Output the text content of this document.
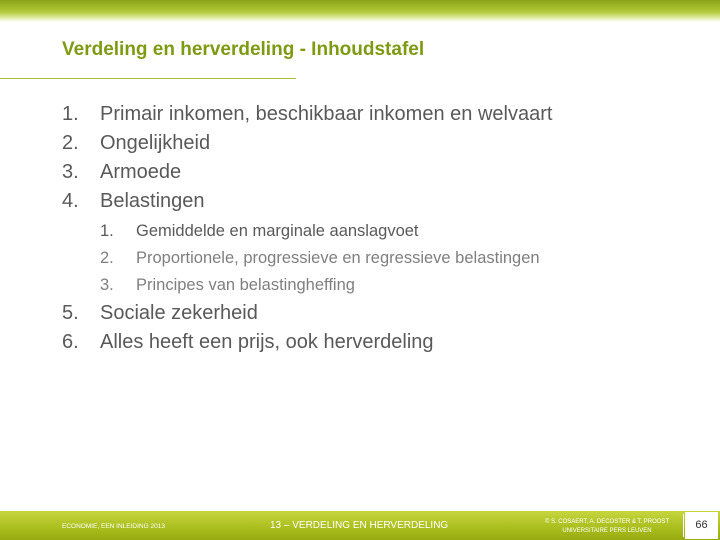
Verdeling en herverdeling - Inhoudstafel
1. Primair inkomen, beschikbaar inkomen en welvaart
2. Ongelijkheid
3. Armoede
4. Belastingen
1. Gemiddelde en marginale aanslagvoet
2. Proportionele, progressieve en regressieve belastingen
3. Principes van belastingheffing
5. Sociale zekerheid
6. Alles heeft een prijs, ook herverdeling
ECONOMIE, EEN INLEIDING 2013	13 – VERDELING EN HERVERDELING	© S. COSAERT, A. DECOSTER & T. PROOST
UNIVERSITAIRE PERS LEUVEN	66
